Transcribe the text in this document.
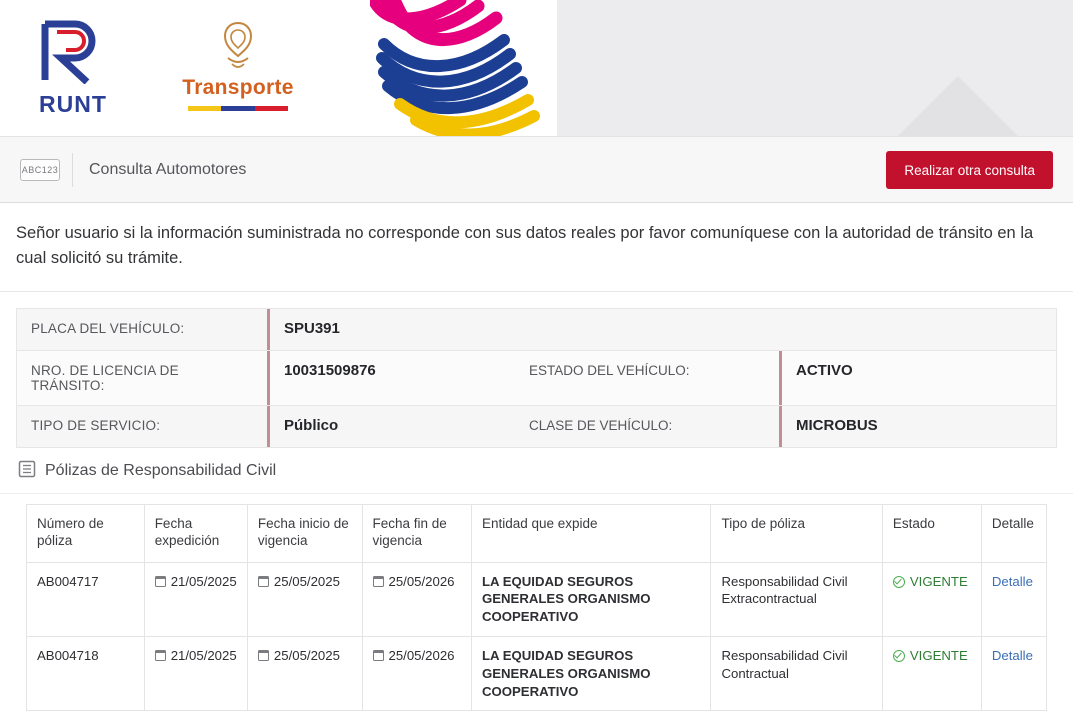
RUNT
Transporte
ABC123 Consulta Automotores	Realizar otra consulta
Señor usuario si la información suministrada no corresponde con sus datos reales por favor comuníquese con la autoridad de tránsito en la cual solicitó su trámite.
PLACA DEL VEHÍCULO:	SPU391
NRO. DE LICENCIA DE TRÁNSITO:
10031509876	ESTADO DEL VEHÍCULO:	ACTIVO
TIPO DE SERVICIO:	Público	CLASE DE VEHÍCULO:	MICROBUS
Pólizas de Responsabilidad Civil
Número de póliza	Fecha expedición	Fecha inicio de vigencia	Fecha fin de vigencia	Entidad que expide	Tipo de póliza	Estado	Detalle
AB004717	21/05/2025	25/05/2025	25/05/2026	LA EQUIDAD SEGUROS GENERALES ORGANISMO COOPERATIVO	Responsabilidad Civil Extracontractual	VIGENTE	Detalle
AB004718	21/05/2025	25/05/2025	25/05/2026	LA EQUIDAD SEGUROS GENERALES ORGANISMO COOPERATIVO	Responsabilidad Civil Contractual	VIGENTE	Detalle
